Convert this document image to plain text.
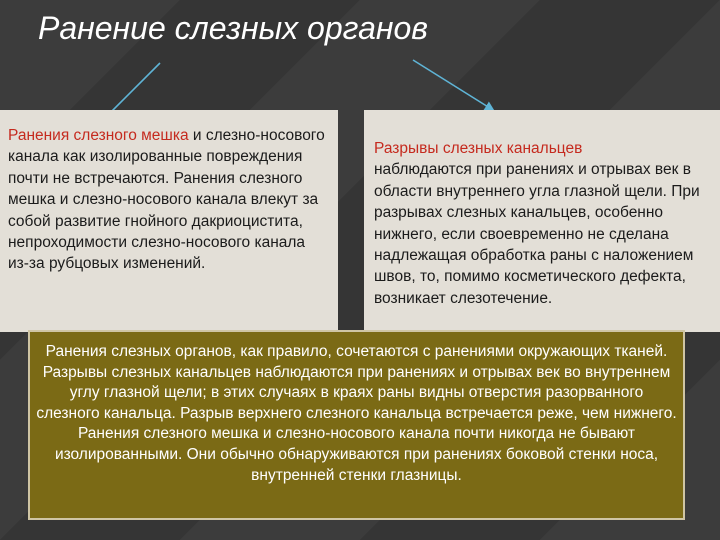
Ранение слезных органов

Ранения слезного мешка и слезно-носового канала как изолированные повреждения почти не встречаются. Ранения слезного мешка и слезно-носового канала влекут за собой развитие гнойного дакриоцистита, непроходимости слезно-носового канала из-за рубцовых изменений.

Разрывы слезных канальцев

наблюдаются при ранениях и отрывах век в области внутреннего угла глазной щели. При разрывах слезных канальцев, особенно нижнего, если своевременно не сделана надлежащая обработка раны с наложением швов, то, помимо косметического дефекта, возникает слезотечение.

Ранения слезных органов, как правило, сочетаются с ранениями окружающих тканей. Разрывы слезных канальцев наблюдаются при ранениях и отрывах век во внутреннем углу глазной щели; в этих случаях в краях раны видны отверстия разорванного слезного канальца. Разрыв верхнего слезного канальца встречается реже, чем нижнего. Ранения слезного мешка и слезно-носового канала почти никогда не бывают изолированными. Они обычно обнаруживаются при ранениях боковой стенки носа, внутренней стенки глазницы.
